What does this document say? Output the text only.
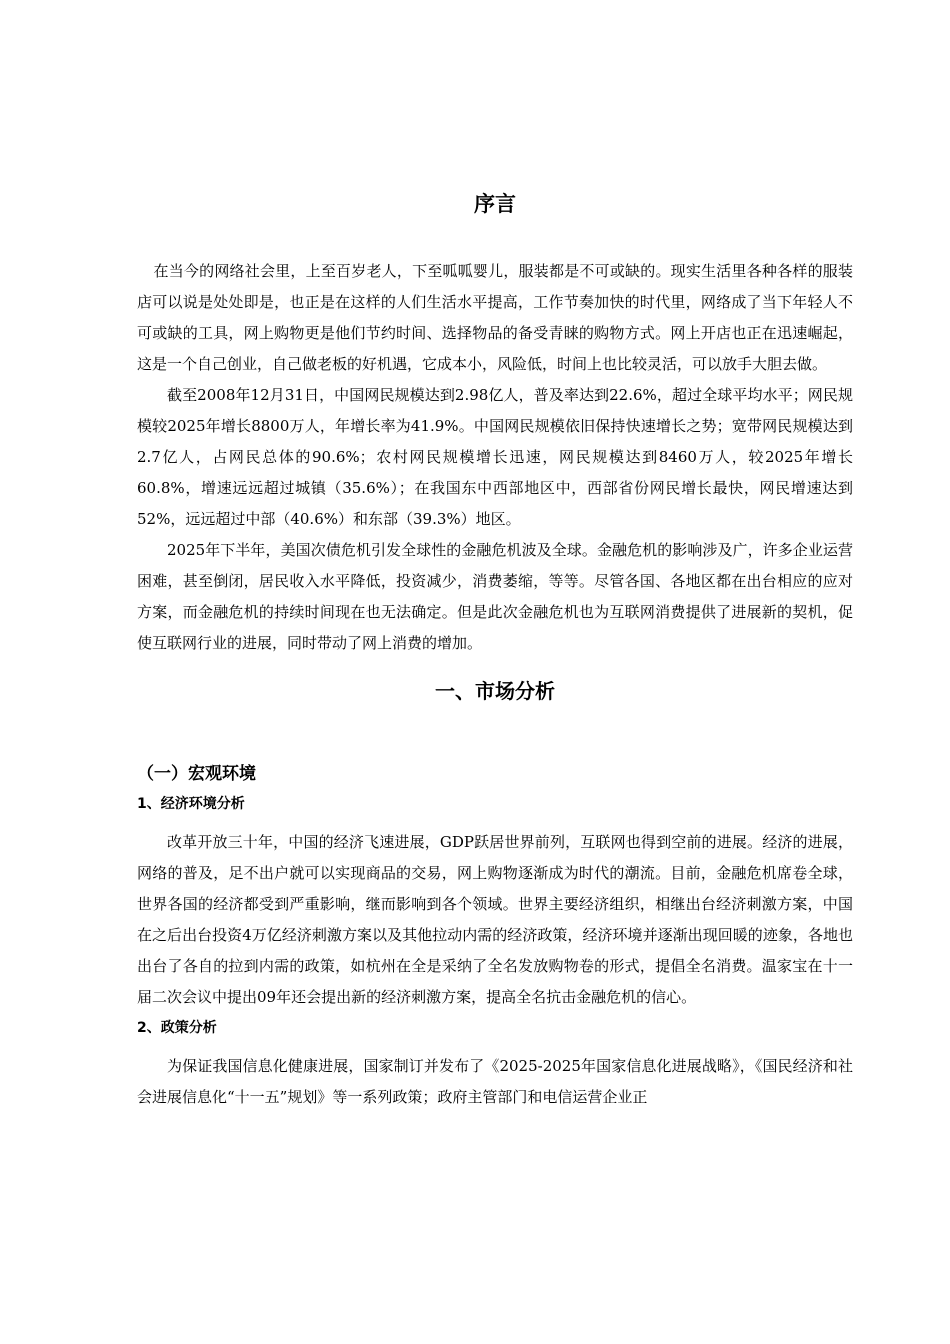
序言

在当今的网络社会里，上至百岁老人，下至呱呱婴儿，服装都是不可或缺的。现实生活里各种各样的服装店可以说是处处即是，也正是在这样的人们生活水平提高，工作节奏加快的时代里，网络成了当下年轻人不可或缺的工具，网上购物更是他们节约时间、选择物品的备受青睐的购物方式。网上开店也正在迅速崛起，这是一个自己创业，自己做老板的好机遇，它成本小，风险低，时间上也比较灵活，可以放手大胆去做。

截至2008年12月31日，中国网民规模达到2.98亿人，普及率达到22.6%，超过全球平均水平；网民规模较2025年增长8800万人，年增长率为41.9%。中国网民规模依旧保持快速增长之势；宽带网民规模达到2.7亿人，占网民总体的90.6%；农村网民规模增长迅速，网民规模达到8460万人，较2025年增长60.8%，增速远远超过城镇（35.6%）；在我国东中西部地区中，西部省份网民增长最快，网民增速达到52%，远远超过中部（40.6%）和东部（39.3%）地区。

2025年下半年，美国次债危机引发全球性的金融危机波及全球。金融危机的影响涉及广，许多企业运营困难，甚至倒闭，居民收入水平降低，投资减少，消费萎缩，等等。尽管各国、各地区都在出台相应的应对方案，而金融危机的持续时间现在也无法确定。但是此次金融危机也为互联网消费提供了进展新的契机，促使互联网行业的进展，同时带动了网上消费的增加。

一、市场分析
（一）宏观环境
1、经济环境分析

改革开放三十年，中国的经济飞速进展，GDP跃居世界前列，互联网也得到空前的进展。经济的进展，网络的普及，足不出户就可以实现商品的交易，网上购物逐渐成为时代的潮流。目前，金融危机席卷全球，世界各国的经济都受到严重影响，继而影响到各个领域。世界主要经济组织，相继出台经济刺激方案，中国在之后出台投资4万亿经济刺激方案以及其他拉动内需的经济政策，经济环境并逐渐出现回暖的迹象，各地也出台了各自的拉到内需的政策，如杭州在全是采纳了全名发放购物卷的形式，提倡全名消费。温家宝在十一届二次会议中提出09年还会提出新的经济刺激方案，提高全名抗击金融危机的信心。

2、政策分析

为保证我国信息化健康进展，国家制订并发布了《2025-2025年国家信息化进展战略》，《国民经济和社会进展信息化“十一五”规划》等一系列政策；政府主管部门和电信运营企业正
